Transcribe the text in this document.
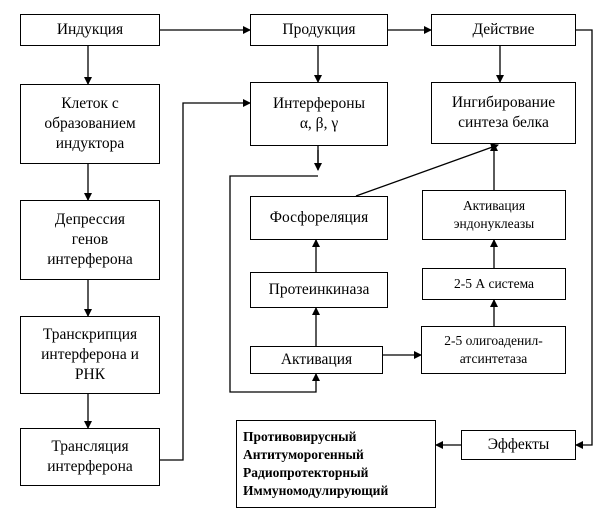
Индукция	Продукция	Действие
Клеток с
образованием
индуктора
Интерфероны
α, β, γ
Ингибирование
синтеза белка
Депрессия
генов
интерферона
Фосфореляция
Активация
эндонуклеазы
Транскрипция
интерферона и
РНК
Протеинкиназа	2-5 А система
Активация
2-5 олигоаденил-
атсинтетаза
Трансляция
интерферона
Эффекты
Противовирусный
Антитуморогенный
Радиопротекторный
Иммуномодулирующий
